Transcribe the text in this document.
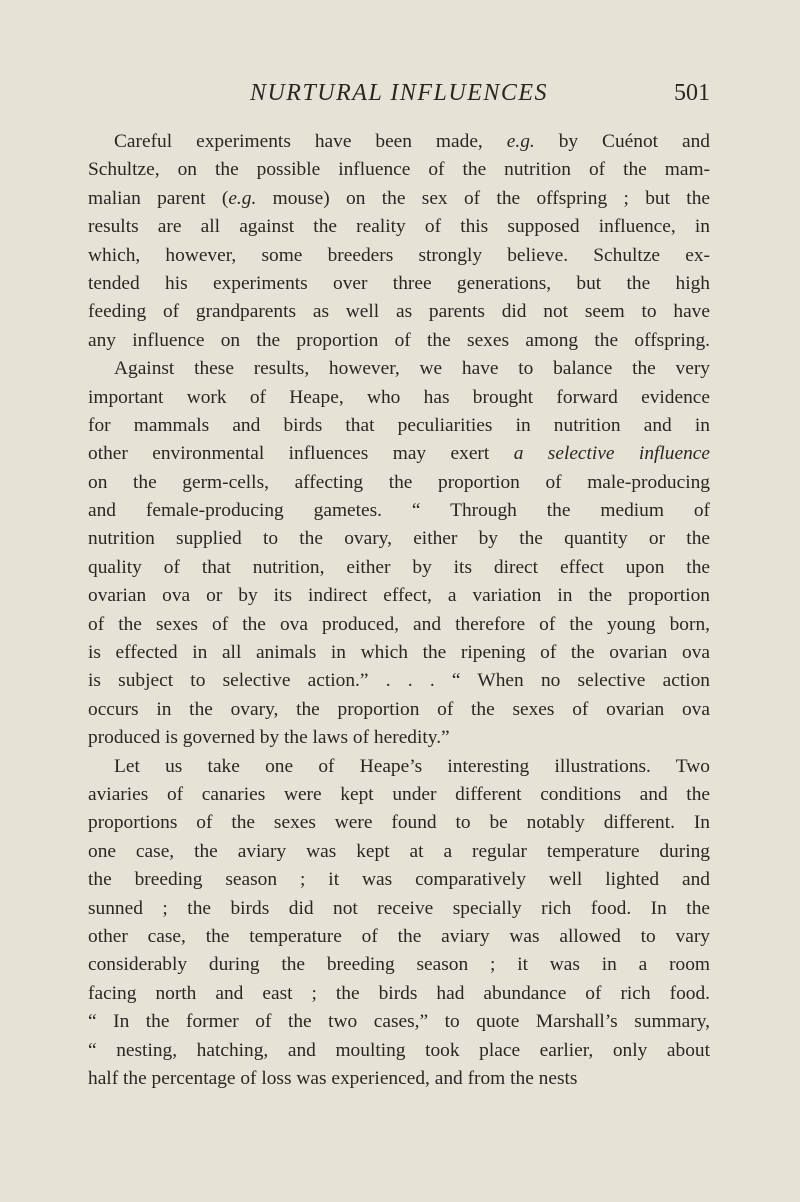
NURTURAL INFLUENCES	501
Careful experiments have been made, e.g. by Cuénot and
Schultze, on the possible influence of the nutrition of the mam-
malian parent (e.g. mouse) on the sex of the offspring ; but the
results are all against the reality of this supposed influence, in
which, however, some breeders strongly believe. Schultze ex-
tended his experiments over three generations, but the high
feeding of grandparents as well as parents did not seem to have
any influence on the proportion of the sexes among the offspring.
Against these results, however, we have to balance the very
important work of Heape, who has brought forward evidence
for mammals and birds that peculiarities in nutrition and in
other environmental influences may exert a selective influence
on the germ-cells, affecting the proportion of male-producing
and female-producing gametes. “ Through the medium of
nutrition supplied to the ovary, either by the quantity or the
quality of that nutrition, either by its direct effect upon the
ovarian ova or by its indirect effect, a variation in the proportion
of the sexes of the ova produced, and therefore of the young born,
is effected in all animals in which the ripening of the ovarian ova
is subject to selective action.” . . . “ When no selective action
occurs in the ovary, the proportion of the sexes of ovarian ova
produced is governed by the laws of heredity.”
Let us take one of Heape’s interesting illustrations. Two
aviaries of canaries were kept under different conditions and the
proportions of the sexes were found to be notably different. In
one case, the aviary was kept at a regular temperature during
the breeding season ; it was comparatively well lighted and
sunned ; the birds did not receive specially rich food. In the
other case, the temperature of the aviary was allowed to vary
considerably during the breeding season ; it was in a room
facing north and east ; the birds had abundance of rich food.
“ In the former of the two cases,” to quote Marshall’s summary,
“ nesting, hatching, and moulting took place earlier, only about
half the percentage of loss was experienced, and from the nests
